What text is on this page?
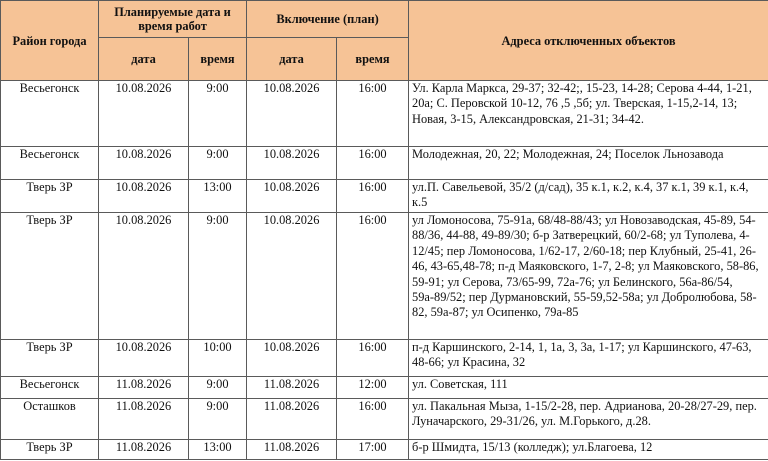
Район города	Планируемые дата и время работ		Включение (план)		Адреса отключенных объектов
	дата	время	дата	время	
Весьегонск	10.08.2026	9:00	10.08.2026	16:00	Ул. Карла Маркса, 29-37; 32-42;, 15-23, 14-28; Серова 4-44, 1-21, 20а; С. Перовской 10-12, 76 ,5 ,5б; ул. Тверская, 1-15,2-14, 13; Новая, 3-15, Александровская, 21-31; 34-42.
Весьегонск	10.08.2026	9:00	10.08.2026	16:00	Молодежная, 20, 22; Молодежная, 24; Поселок Льнозавода
Тверь ЗР	10.08.2026	13:00	10.08.2026	16:00	ул.П. Савельевой, 35/2 (д/сад), 35 к.1, к.2, к.4, 37 к.1, 39 к.1, к.4, к.5
Тверь ЗР	10.08.2026	9:00	10.08.2026	16:00	ул Ломоносова, 75-91а, 68/48-88/43; ул Новозаводская, 45-89, 54-88/36, 44-88, 49-89/30; б-р Затверецкий, 60/2-68; ул Туполева, 4-12/45; пер Ломоносова, 1/62-17, 2/60-18; пер Клубный, 25-41, 26-46, 43-65,48-78; п-д Маяковского, 1-7, 2-8; ул Маяковского, 58-86, 59-91; ул Серова, 73/65-99, 72а-76; ул Белинского, 56а-86/54, 59а-89/52; пер Дурмановский, 55-59,52-58а; ул Добролюбова, 58-82, 59а-87; ул Осипенко, 79а-85
Тверь ЗР	10.08.2026	10:00	10.08.2026	16:00	п-д Каршинского, 2-14, 1, 1а, 3, 3а, 1-17; ул Каршинского, 47-63, 48-66; ул Красина, 32
Весьегонск	11.08.2026	9:00	11.08.2026	12:00	ул. Советская, 111
Осташков	11.08.2026	9:00	11.08.2026	16:00	ул. Пакальная Мыза, 1-15/2-28, пер. Адрианова, 20-28/27-29, пер. Луначарского, 29-31/26, ул. М.Горького, д.28.
Тверь ЗР	11.08.2026	13:00	11.08.2026	17:00	б-р Шмидта, 15/13 (колледж); ул.Благоева, 12
